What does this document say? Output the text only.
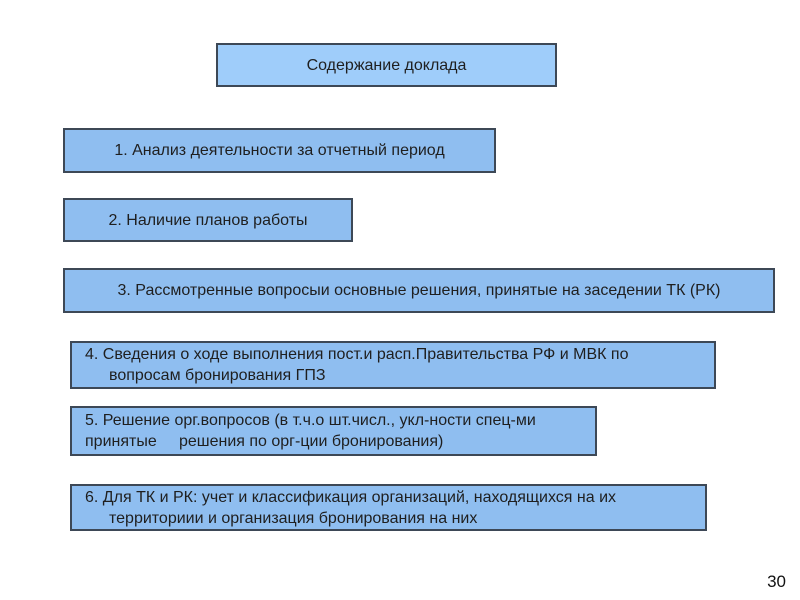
Содержание доклада
1. Анализ деятельности за отчетный период
2. Наличие планов работы
3. Рассмотренные вопросыи основные решения, принятые на заседении ТК (РК)
4. Сведения о ходе выполнения пост.и расп.Правительства РФ и МВК по
вопросам бронирования ГПЗ
5. Решение орг.вопросов (в т.ч.о шт.числ., укл-ности спец-ми
принятые     решения по орг-ции бронирования)
6. Для ТК и РК: учет и классификация организаций, находящихся на их
территориии и организация бронирования на них
30
